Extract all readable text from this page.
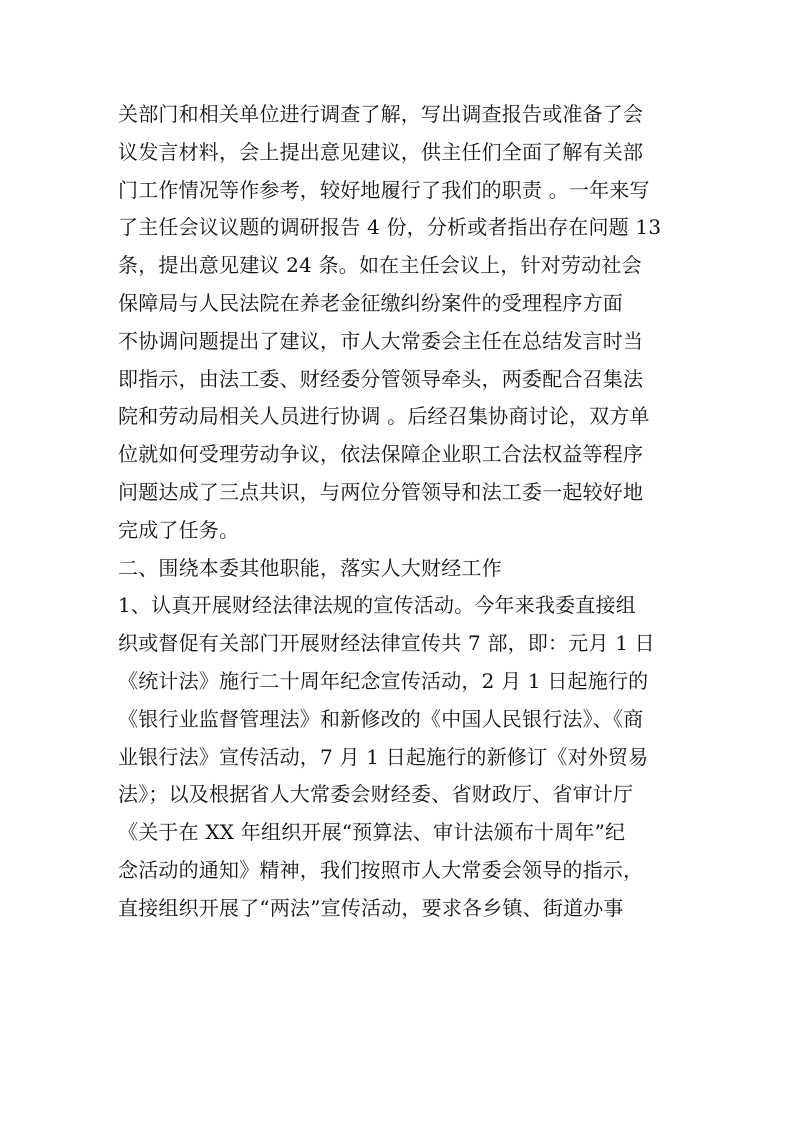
关部门和相关单位进行调查了解，写出调查报告或准备了会
议发言材料，会上提出意见建议，供主任们全面了解有关部
门工作情况等作参考，较好地履行了我们的职责 。一年来写
了主任会议议题的调研报告 4 份，分析或者指出存在问题 13
条，提出意见建议 24 条。如在主任会议上，针对劳动社会
保障局与人民法院在养老金征缴纠纷案件的受理程序方面
不协调问题提出了建议，市人大常委会主任在总结发言时当
即指示，由法工委、财经委分管领导牵头，两委配合召集法
院和劳动局相关人员进行协调 。后经召集协商讨论，双方单
位就如何受理劳动争议，依法保障企业职工合法权益等程序
问题达成了三点共识，与两位分管领导和法工委一起较好地
完成了任务。
二、围绕本委其他职能，落实人大财经工作
1、认真开展财经法律法规的宣传活动。今年来我委直接组
织或督促有关部门开展财经法律宣传共 7 部，即：元月 1 日
《统计法》施行二十周年纪念宣传活动，2 月 1 日起施行的
《银行业监督管理法》和新修改的《中国人民银行法》、《商
业银行法》宣传活动，7 月 1 日起施行的新修订《对外贸易
法》；以及根据省人大常委会财经委、省财政厅、省审计厅
《关于在 XX 年组织开展“预算法、审计法颁布十周年”纪
念活动的通知》精神，我们按照市人大常委会领导的指示，
直接组织开展了“两法”宣传活动，要求各乡镇、街道办事
